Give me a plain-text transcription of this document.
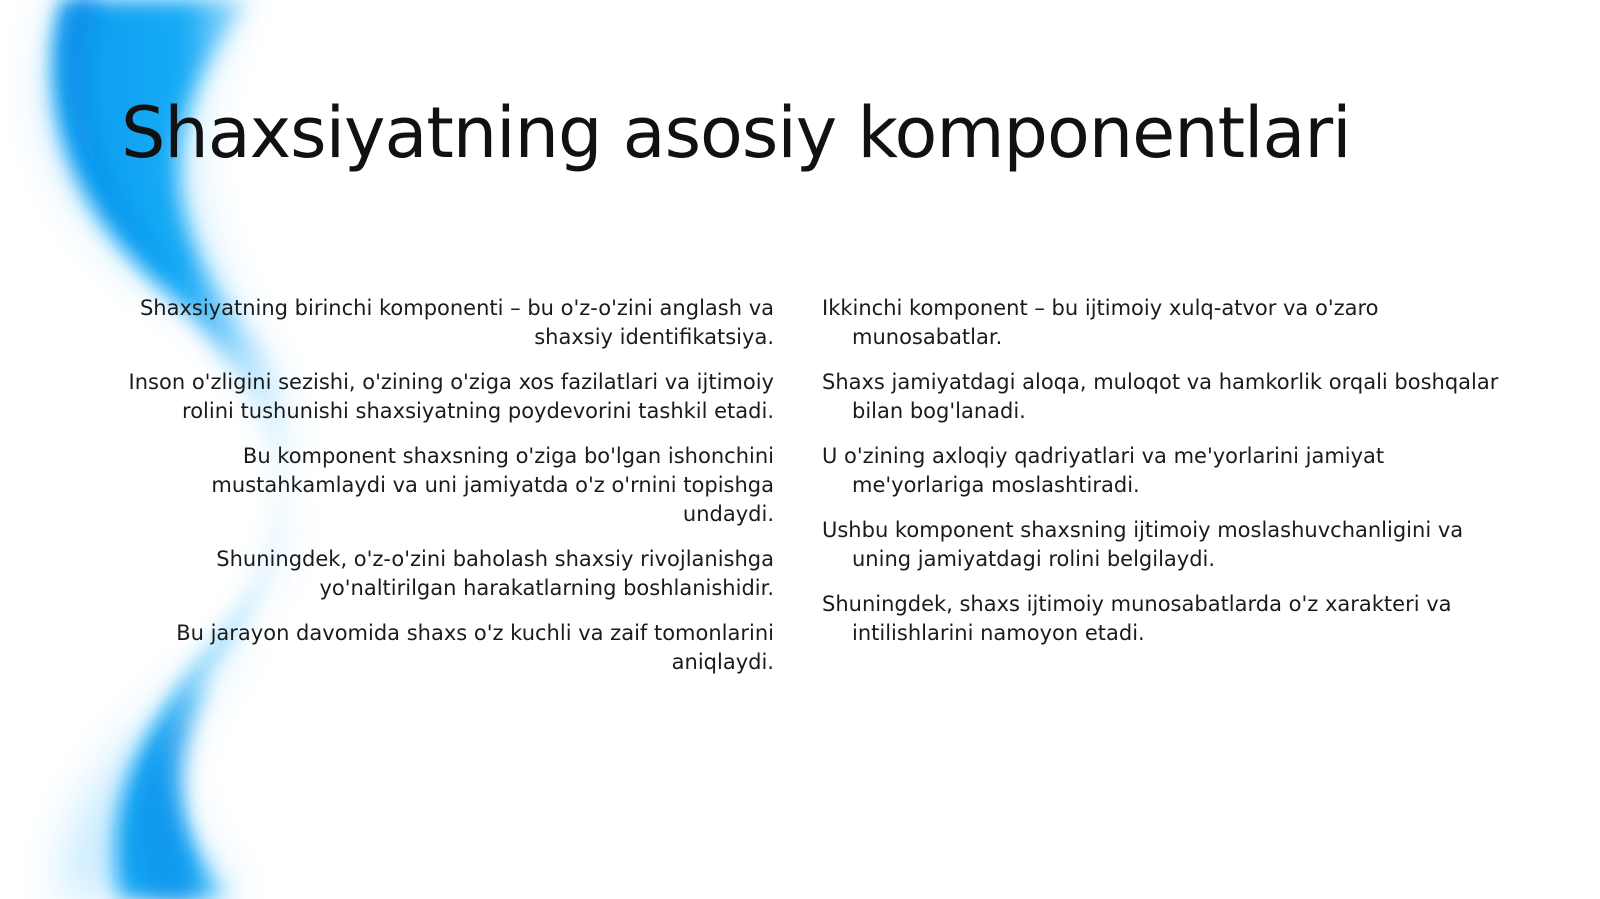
Shaxsiyatning asosiy komponentlari
Shaxsiyatning birinchi komponenti – bu o'z-o'zini anglash va shaxsiy identifikatsiya.
Inson o'zligini sezishi, o'zining o'ziga xos fazilatlari va ijtimoiy rolini tushunishi shaxsiyatning poydevorini tashkil etadi.
Bu komponent shaxsning o'ziga bo'lgan ishonchini mustahkamlaydi va uni jamiyatda o'z o'rnini topishga undaydi.
Shuningdek, o'z-o'zini baholash shaxsiy rivojlanishga yo'naltirilgan harakatlarning boshlanishidir.
Bu jarayon davomida shaxs o'z kuchli va zaif tomonlarini aniqlaydi.
Ikkinchi komponent – bu ijtimoiy xulq-atvor va o'zaro munosabatlar.
Shaxs jamiyatdagi aloqa, muloqot va hamkorlik orqali boshqalar bilan bog'lanadi.
U o'zining axloqiy qadriyatlari va me'yorlarini jamiyat me'yorlariga moslashtiradi.
Ushbu komponent shaxsning ijtimoiy moslashuvchanligini va uning jamiyatdagi rolini belgilaydi.
Shuningdek, shaxs ijtimoiy munosabatlarda o'z xarakteri va intilishlarini namoyon etadi.
